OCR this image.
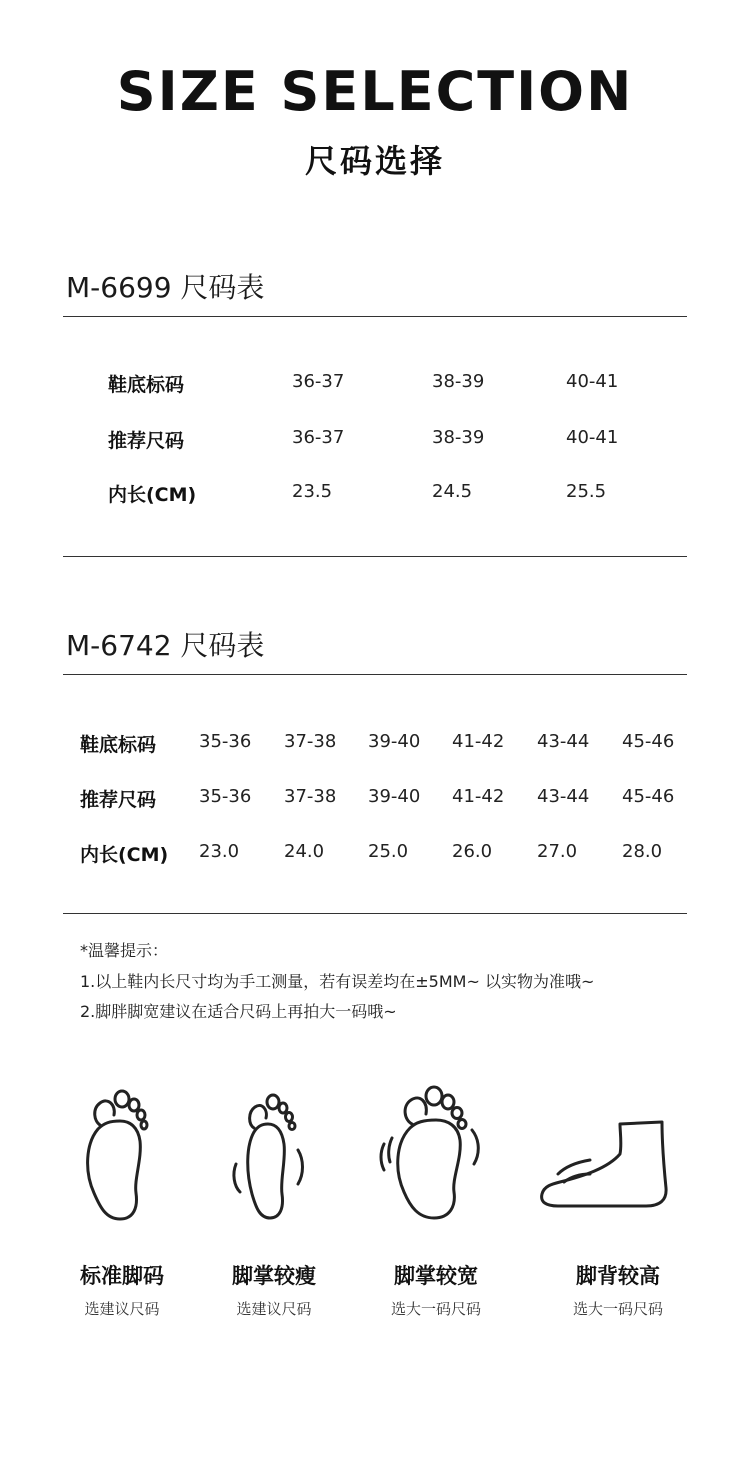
SIZE SELECTION
尺码选择
M-6699 尺码表
鞋底标码	36-37	38-39	40-41
推荐尺码	36-37	38-39	40-41
内长(CM)	23.5	24.5	25.5
M-6742 尺码表
鞋底标码 35-36 37-38 39-40 41-42 43-44 45-46
推荐尺码 35-36 37-38 39-40 41-42 43-44 45-46
内长(CM) 23.0 24.0 25.0 26.0 27.0 28.0
*温馨提示：
1.以上鞋内长尺寸均为手工测量，若有误差均在±5MM~ 以实物为准哦~
2.脚胖脚宽建议在适合尺码上再拍大一码哦~
标准脚码
选建议尺码
脚掌较瘦
选建议尺码
脚掌较宽
选大一码尺码
脚背较高
选大一码尺码
